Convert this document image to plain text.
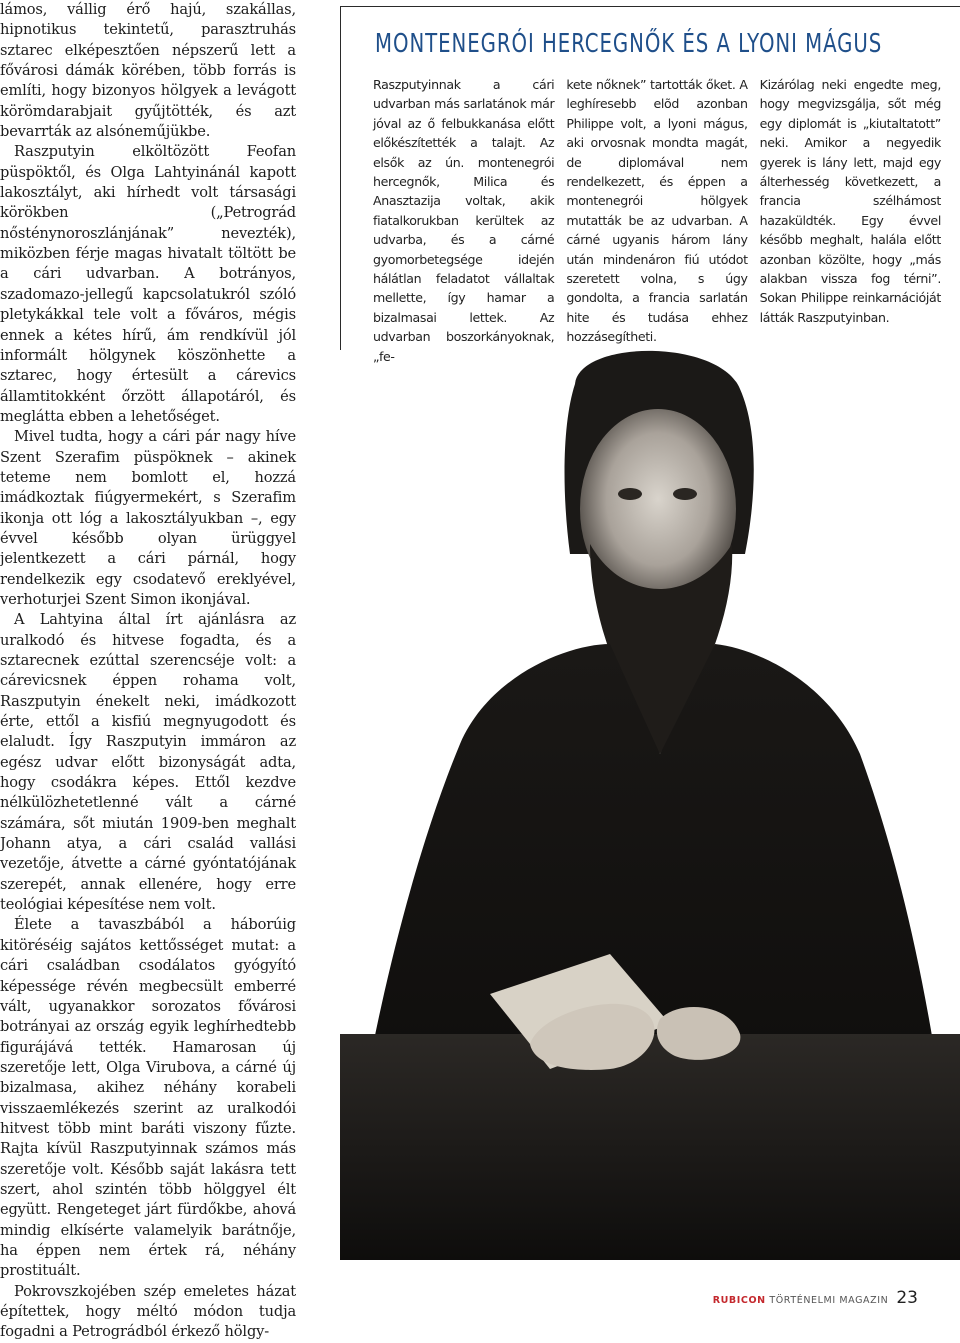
lámos, vállig érő hajú, szakállas, hipnotikus tekintetű, parasztruhás sztarec elképesztően népszerű lett a fővárosi dámák körében, több forrás is említi, hogy bizonyos hölgyek a levágott körömdarabjait gyűjtötték, és azt bevarrták az alsóneműjükbe.

Raszputyin elköltözött Feofan püspöktől, és Olga Lahtyinánál kapott lakosztályt, aki hírhedt volt társasági körökben („Petrográd nősténynoroszlánjának” nevezték), miközben férje magas hivatalt töltött be a cári udvarban. A botrányos, szadomazo-jellegű kapcsolatukról szóló pletykákkal tele volt a főváros, mégis ennek a kétes hírű, ám rendkívül jól informált hölgynek köszönhette a sztarec, hogy értesült a cárevics államtitokként őrzött állapotáról, és meglátta ebben a lehetőséget.

Mivel tudta, hogy a cári pár nagy híve Szent Szerafim püspöknek – akinek teteme nem bomlott el, hozzá imádkoztak fiúgyermekért, s Szerafim ikonja ott lóg a lakosztályukban –, egy évvel később olyan ürüggyel jelentkezett a cári párnál, hogy rendelkezik egy csodatevő ereklyével, verhoturjei Szent Simon ikonjával.

A Lahtyina által írt ajánlásra az uralkodó és hitvese fogadta, és a sztarecnek ezúttal szerencséje volt: a cárevicsnek éppen rohama volt, Raszputyin énekelt neki, imádkozott érte, ettől a kisfiú megnyugodott és elaludt. Így Raszputyin immáron az egész udvar előtt bizonyságát adta, hogy csodákra képes. Ettől kezdve nélkülözhetetlenné vált a cárné számára, sőt miután 1909-ben meghalt Johann atya, a cári család vallási vezetője, átvette a cárné gyóntatójának szerepét, annak ellenére, hogy erre teológiai képesítése nem volt.

Élete a tavaszbából a háborúig kitöréséig sajátos kettősséget mutat: a cári családban csodálatos gyógyító képessége révén megbecsült emberré vált, ugyanakkor sorozatos fővárosi botrányai az ország egyik leghírhedtebb figurájává tették. Hamarosan új szeretője lett, Olga Virubova, a cárné új bizalmasa, akihez néhány korabeli visszaemlékezés szerint az uralkodói hitvest több mint baráti viszony fűzte. Rajta kívül Raszputyinnak számos más szeretője volt. Később saját lakásra tett szert, ahol szintén több hölggyel élt együtt. Rengeteget járt fürdőkbe, ahová mindig elkísérte valamelyik barátnője, ha éppen nem értek rá, néhány prostituált.

Pokrovszkojében szép emeletes házat építettek, hogy méltó módon tudja fogadni a Petrográdból érkező hölgy-

MONTENEGRÓI HERCEGNŐK ÉS A LYONI MÁGUS
Raszputyinnak a cári udvarban más sarlatánok már jóval az ő felbukkanása előtt előkészítették a talajt. Az elsők az ún. montenegrói hercegnők, Milica és Anasztazija voltak, akik fiatalkorukban kerültek az udvarba, és a cárné gyomorbetegsége idején hálátlan feladatot vállaltak mellette, így hamar a bizalmasai lettek. Az udvarban boszorkányoknak, „fe-
kete nőknek” tartották őket. A leghíresebb elõd azonban Philippe volt, a lyoni mágus, aki orvosnak mondta magát, de diplomával nem rendelkezett, és éppen a montenegrói hölgyek mutatták be az udvarban. A cárné ugyanis három lány után mindenáron fiú utódot szeretett volna, s úgy gondolta, a francia sarlatán hite és tudása ehhez hozzásegítheti.
Kizárólag neki engedte meg, hogy megvizsgálja, sőt még egy diplomát is „kiutaltatott” neki. Amikor a negyedik gyerek is lány lett, majd egy álterhesség következett, a francia szélhámost hazaküldték. Egy évvel később meghalt, halála előtt azonban közölte, hogy „más alakban vissza fog térni”. Sokan Philippe reinkarnációját látták Raszputyinban.
RUBICON TÖRTÉNELMI MAGAZIN 23
